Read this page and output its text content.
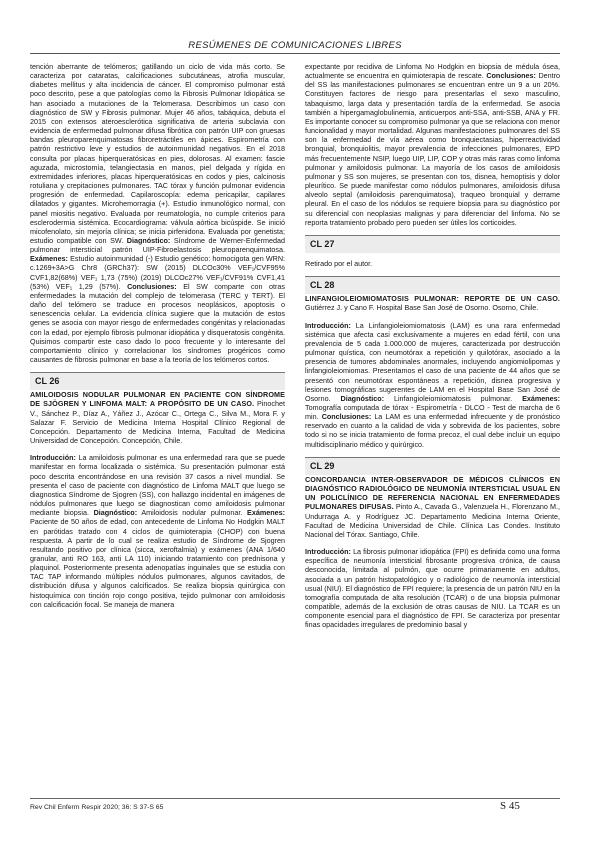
RESÚMENES DE COMUNICACIONES LIBRES

tención aberrante de telómeros; gatillando un ciclo de vida más corto. Se caracteriza por cataratas, calcificaciones subcutáneas, atrofia muscular, diabetes mellitus y alta incidencia de cáncer. El compromiso pulmonar está poco descrito, pese a que patologías como la Fibrosis Pulmonar Idiopática se han asociado a mutaciones de la Telomerasa. Describimos un caso con diagnóstico de SW y Fibrosis pulmonar. Mujer 46 años, tabáquica, debuta el 2015 con extensos ateroesclerótica significativa de arteria subclavia con evidencia de enfermedad pulmonar difusa fibrótica con patrón UIP con gruesas bandas pleuroparenquimatosas fibroretráctiles en ápices. Espirometría con patrón restrictivo leve y estudios de autoinmunidad negativos. En el 2018 consulta por placas hiperqueratósicas en pies, dolorosas. Al examen: fascie aguzada, microstomía, telangiectasia en manos, piel delgada y rígida en extremidades inferiores, placas hiperqueratósicas en codos y pies, calcinosis rotuliana y crepitaciones pulmonares. TAC tórax y función pulmonar evidencia progresión de enfermedad. Capilaroscopía: edema pericapilar, capilares dilatados y gigantes. Microhemorragia (+). Estudio inmunológico normal, con panel miositis negativo. Evaluada por reumatología, no cumple criterios para esclerodermia sistémica. Ecocardiograma: válvula aórtica bicúspide. Se inició micofenolato, sin mejoría clínica; se inicia pirfenidona. Evaluada por genetista; estudio compatible con SW. Diagnóstico: Síndrome de Werner-Enfermedad pulmonar intersticial patrón UIP-Fibroelastosis pleuroparenquimatosa. Exámenes: Estudio autoinmunidad (-) Estudio genético: homocigota gen WRN: c.1269+3A>G Chr8 (GRCh37): SW (2015) DLCOc30% VEF₁/CVF95% CVF1,82(68%) VEF₁ 1,73 (75%) (2019) DLCOc27% VEF₁/CVF91% CVF1,41 (53%) VEF₁ 1,29 (57%). Conclusiones: El SW comparte con otras enfermedades la mutación del complejo de telomerasa (TERC y TERT). El daño del telómero se traduce en procesos neoplásicos, apoptosis o senescencia celular. La evidencia clínica sugiere que la mutación de estos genes se asocia con mayor riesgo de enfermedades congénitas y relacionadas con la edad, por ejemplo fibrosis pulmonar idiopática y disqueratosis congénita. Quisimos compartir este caso dado lo poco frecuente y lo interesante del comportamiento clínico y correlacionar los síndromes progéricos como causantes de fibrosis pulmonar en base a la teoría de los telómeros cortos.

CL 26

AMILOIDOSIS NODULAR PULMONAR EN PACIENTE CON SÍNDROME DE SJÖGREN Y LINFOMA MALT: A PROPÓSITO DE UN CASO. Pinochet V., Sánchez P., Díaz A., Yáñez J., Azócar C., Ortega C., Silva M., Mora F. y Salazar F. Servicio de Medicina Interna Hospital Clínico Regional de Concepción. Departamento de Medicina Interna, Facultad de Medicina Universidad de Concepción. Concepción, Chile.

Introducción: La amiloidosis pulmonar es una enfermedad rara que se puede manifestar en forma localizada o sistémica. Su presentación pulmonar está poco descrita encontrándose en una revisión 37 casos a nivel mundial. Se presenta el caso de paciente con diagnóstico de Linfoma MALT que luego se diagnostica Síndrome de Sjogren (SS), con hallazgo incidental en imágenes de nódulos pulmonares que luego se diagnostican como amiloidosis pulmonar mediante biopsia. Diagnóstico: Amiloidosis nodular pulmonar. Exámenes: Paciente de 50 años de edad, con antecedente de Linfoma No Hodgkin MALT en parótidas tratado con 4 ciclos de quimioterapia (CHOP) con buena respuesta. A partir de lo cual se realiza estudio de Síndrome de Sjogren resultando positivo por clínica (sicca, xeroftalmia) y exámenes (ANA 1/640 granular, anti RO 163, anti LA 110) iniciando tratamiento con prednisona y plaquinol. Posteriormente presenta adenopatías inguinales que se estudia con TAC TAP informando múltiples nódulos pulmonares, algunos cavitados, de distribución difusa y algunos calcificados. Se realiza biopsia quirúrgica con histoquímica con tinción rojo congo positiva, tejido pulmonar con amiloidosis con calcificación focal. Se maneja de manera

expectante por recidiva de Linfoma No Hodgkin en biopsia de médula ósea, actualmente se encuentra en quimioterapia de rescate. Conclusiones: Dentro del SS las manifestaciones pulmonares se encuentran entre un 9 a un 20%. Constituyen factores de riesgo para presentarlas el sexo masculino, tabaquismo, larga data y presentación tardía de la enfermedad. Se asocia también a hipergamaglobulinemia, anticuerpos anti-SSA, anti-SSB, ANA y FR. Es importante conocer su compromiso pulmonar ya que se relaciona con menor funcionalidad y mayor mortalidad. Algunas manifestaciones pulmonares del SS son la enfermedad de vía aérea como bronquiectasias, hiperreactividad bronquial, bronquiolitis, mayor prevalencia de infecciones pulmonares, EPD más frecuentemente NSIP, luego UIP, LIP, COP y otras más raras como linfoma pulmonar y amiloidosis pulmonar. La mayoría de los casos de amiloidosis pulmonar y SS son mujeres, se presentan con tos, disnea, hemoptisis y dolor pleurítico. Se puede manifestar como nódulos pulmonares, amiloidosis difusa alveolo septal (amiloidosis parenquimatosa), traqueo bronquial y derrame pleural. En el caso de los nódulos se requiere biopsia para su diagnóstico por su diferencial con neoplasias malignas y para diferenciar del linfoma. No se reporta tratamiento probado pero pueden ser útiles los corticoides.

CL 27

Retirado por el autor.

CL 28

LINFANGIOLEIOMIOMATOSIS PULMONAR: REPORTE DE UN CASO. Gutiérrez J. y Cano F. Hospital Base San José de Osorno. Osorno, Chile.

Introducción: La Linfangioleiomiomatosis (LAM) es una rara enfermedad sistémica que afecta casi exclusivamente a mujeres en edad fértil, con una prevalencia de 5 cada 1.000.000 de mujeres, caracterizada por destrucción pulmonar quística, con neumotórax a repetición y quilotórax, asociado a la presencia de tumores abdominales anormales, incluyendo angiomiolipomas y linfangioleiomiomas. Presentamos el caso de una paciente de 44 años que se presentó con neumotórax espontáneos a repetición, disnea progresiva y lesiones tomográficas sugerentes de LAM en el Hospital Base San José de Osorno. Diagnóstico: Linfangioleiomiomatosis pulmonar. Exámenes: Tomografía computada de tórax - Espirometría - DLCO - Test de marcha de 6 min. Conclusiones: La LAM es una enfermedad infrecuente y de pronóstico reservado en cuanto a la calidad de vida y sobrevida de los pacientes, sobre todo si no se inicia tratamiento de forma precoz, el cual debe incluir un equipo multidisciplinario médico y quirúrgico.

CL 29

CONCORDANCIA INTER-OBSERVADOR DE MÉDICOS CLÍNICOS EN DIAGNÓSTICO RADIOLÓGICO DE NEUMONÍA INTERSTICIAL USUAL EN UN POLICLÍNICO DE REFERENCIA NACIONAL EN ENFERMEDADES PULMONARES DIFUSAS. Pinto A., Cavada G., Valenzuela H., Florenzano M., Undurraga A. y Rodríguez JC. Departamento Medicina Interna Oriente, Facultad de Medicina Universidad de Chile. Clínica Las Condes. Instituto Nacional del Tórax. Santiago, Chile.

Introducción: La fibrosis pulmonar idiopática (FPI) es definida como una forma específica de neumonía intersticial fibrosante progresiva crónica, de causa desconocida, limitada al pulmón, que ocurre primariamente en adultos, asociada a un patrón histopatológico y o radiológico de neumonía intersticial usual (NIU). El diagnóstico de FPI requiere; la presencia de un patrón NIU en la tomografía computada de alta resolución (TCAR) o de una biopsia pulmonar compatible, además de la exclusión de otras causas de NIU. La TCAR es un componente esencial para el diagnóstico de FPI. Se caracteriza por presentar finas opacidades irregulares de predominio basal y

Rev Chil Enferm Respir 2020; 36: S 37-S 65	S 45
